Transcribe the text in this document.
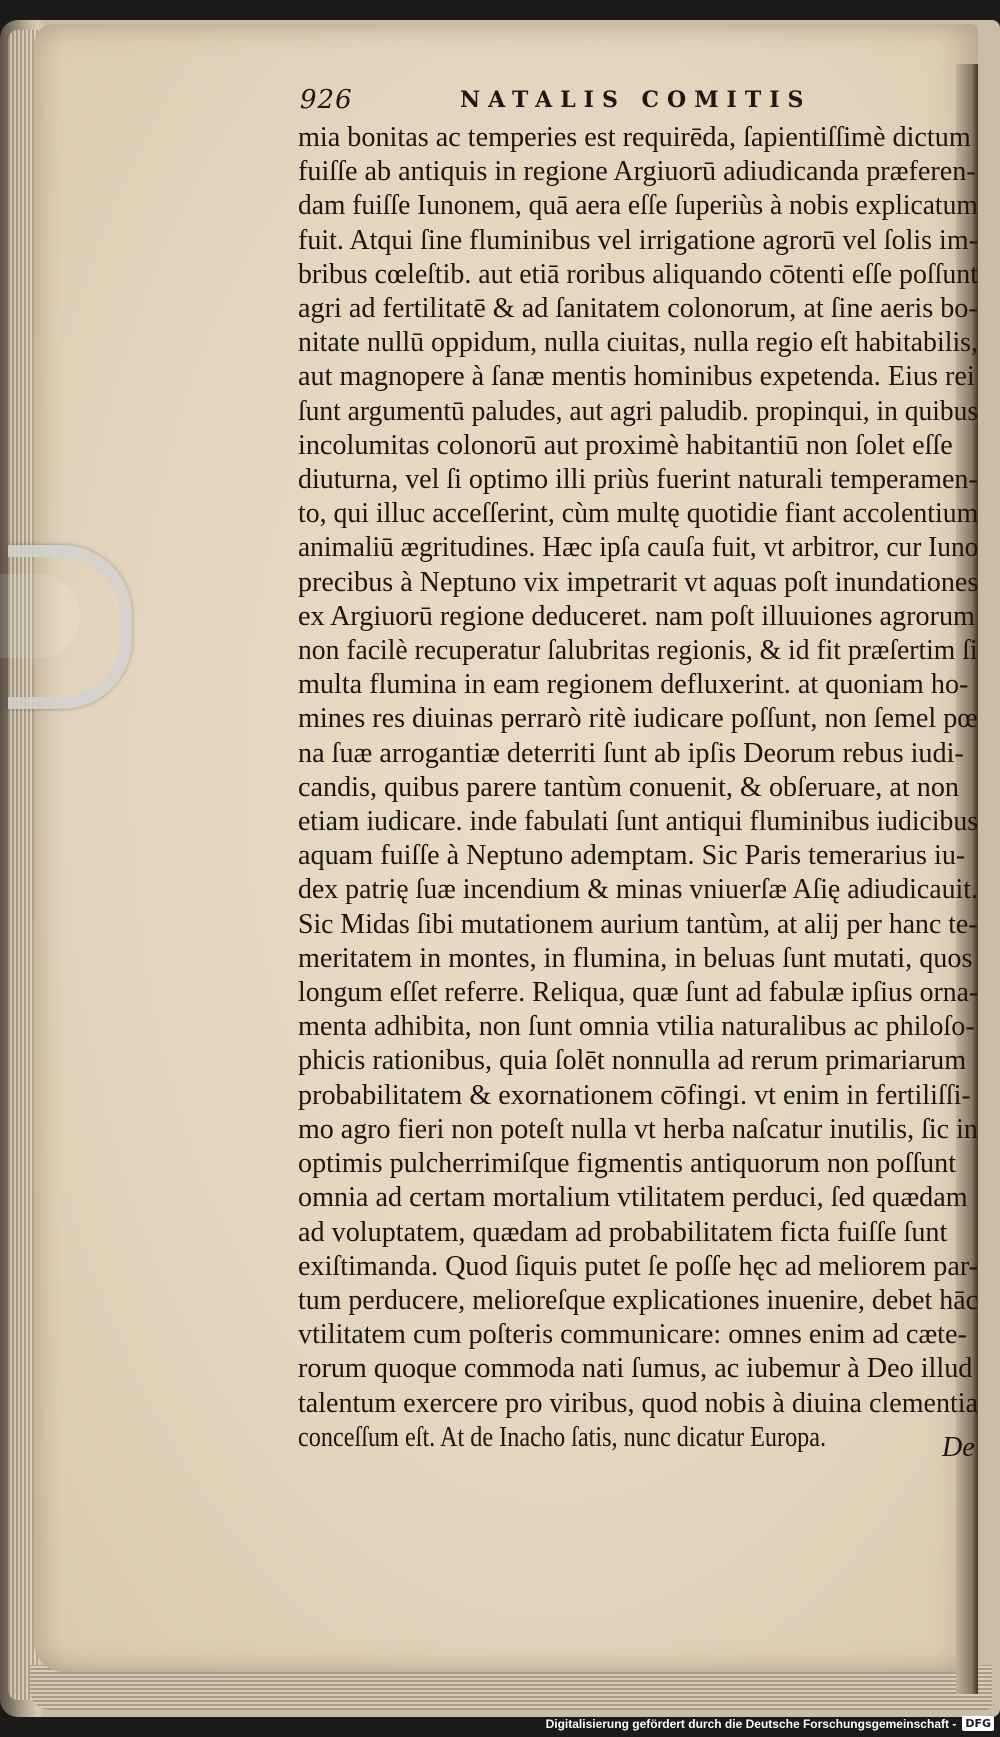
926	NATALIS COMITIS
mia bonitas ac temperies est requirēda, ſapientiſſimè dictum
fuiſſe ab antiquis in regione Argiuorū adiudicanda præferen-
dam fuiſſe Iunonem, quā aera eſſe ſuperiùs à nobis explicatum
fuit. Atqui ſine fluminibus vel irrigatione agrorū vel ſolis im-
bribus cœleſtib. aut etiā roribus aliquando cōtenti eſſe poſſunt
agri ad fertilitatē & ad ſanitatem colonorum, at ſine aeris bo-
nitate nullū oppidum, nulla ciuitas, nulla regio eſt habitabilis,
aut magnopere à ſanæ mentis hominibus expetenda. Eius rei
ſunt argumentū paludes, aut agri paludib. propinqui, in quibus
incolumitas colonorū aut proximè habitantiū non ſolet eſſe
diuturna, vel ſi optimo illi priùs fuerint naturali temperamen-
to, qui illuc acceſſerint, cùm multę quotidie fiant accolentium
animaliū ægritudines. Hæc ipſa cauſa fuit, vt arbitror, cur Iuno
precibus à Neptuno vix impetrarit vt aquas poſt inundationes
ex Argiuorū regione deduceret. nam poſt illuuiones agrorum
non facilè recuperatur ſalubritas regionis, & id fit præſertim ſi
multa flumina in eam regionem defluxerint. at quoniam ho-
mines res diuinas perrarò ritè iudicare poſſunt, non ſemel pœ
na ſuæ arrogantiæ deterriti ſunt ab ipſis Deorum rebus iudi-
candis, quibus parere tantùm conuenit, & obſeruare, at non
etiam iudicare. inde fabulati ſunt antiqui fluminibus iudicibus
aquam fuiſſe à Neptuno ademptam. Sic Paris temerarius iu-
dex patrię ſuæ incendium & minas vniuerſæ Aſię adiudicauit.
Sic Midas ſibi mutationem aurium tantùm, at alij per hanc te-
meritatem in montes, in flumina, in beluas ſunt mutati, quos
longum eſſet referre. Reliqua, quæ ſunt ad fabulæ ipſius orna-
menta adhibita, non ſunt omnia vtilia naturalibus ac philoſo-
phicis rationibus, quia ſolēt nonnulla ad rerum primariarum
probabilitatem & exornationem cōfingi. vt enim in fertiliſſi-
mo agro fieri non poteſt nulla vt herba naſcatur inutilis, ſic in
optimis pulcherrimiſque figmentis antiquorum non poſſunt
omnia ad certam mortalium vtilitatem perduci, ſed quædam
ad voluptatem, quædam ad probabilitatem ficta fuiſſe ſunt
exiſtimanda. Quod ſiquis putet ſe poſſe hęc ad meliorem par-
tum perducere, melioreſque explicationes inuenire, debet hāc
vtilitatem cum poſteris communicare: omnes enim ad cæte-
rorum quoque commoda nati ſumus, ac iubemur à Deo illud
talentum exercere pro viribus, quod nobis à diuina clementia
conceſſum eſt. At de Inacho ſatis, nunc dicatur Europa.	De
Digitalisierung gefördert durch die Deutsche Forschungsgemeinschaft - DFG
